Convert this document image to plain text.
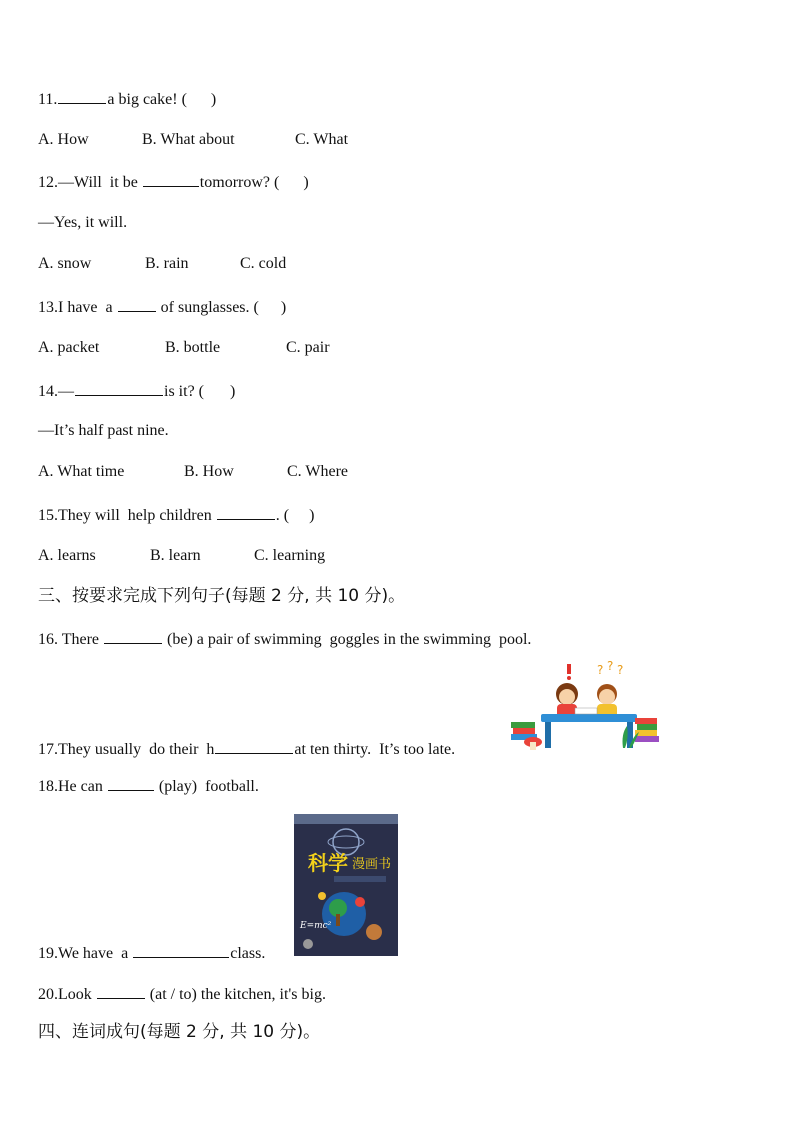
11.	a big cake! ( )
A. How	B. What about	C. What
12.—Will  it be	tomorrow? ( )
—Yes, it will.
A. snow	B. rain	C. cold
13.I have  a	of sunglasses. ( )
A. packet	B. bottle	C. pair
14.—	is it? ( )
—It’s half past nine.
A. What time	B. How	C. Where
15.They will  help children	. ( )
A. learns	B. learn	C. learning
三、按要求完成下列句子(每题 2 分, 共 10 分)。
16. There	(be) a pair of swimming  goggles in the swimming  pool.
? ? ?
17.They usually  do their  h	at ten thirty.  It’s too late.
18.He can	(play)  football.
科学 漫画书
E=mc²
19.We have  a	class.
20.Look	(at / to) the kitchen, it's big.
四、连词成句(每题 2 分, 共 10 分)。
